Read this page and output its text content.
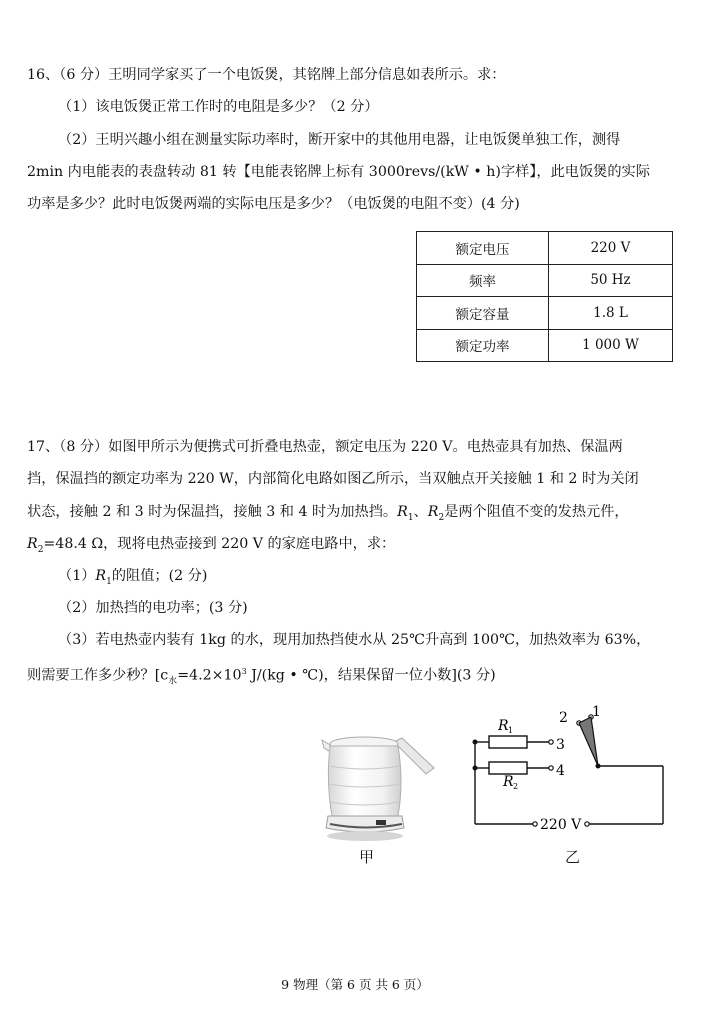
16、（6 分）王明同学家买了一个电饭煲，其铭牌上部分信息如表所示。求：
（1）该电饭煲正常工作时的电阻是多少？（2 分）
（2）王明兴趣小组在测量实际功率时，断开家中的其他用电器，让电饭煲单独工作，测得
2min 内电能表的表盘转动 81 转【电能表铭牌上标有 3000revs/(kW • h)字样】，此电饭煲的实际
功率是多少？此时电饭煲两端的实际电压是多少？（电饭煲的电阻不变）(4 分)
额定电压	220 V
频率	50 Hz
额定容量	1.8 L
额定功率	1 000 W
17、（8 分）如图甲所示为便携式可折叠电热壶，额定电压为 220 V。电热壶具有加热、保温两
挡，保温挡的额定功率为 220 W，内部简化电路如图乙所示，当双触点开关接触 1 和 2 时为关闭
状态，接触 2 和 3 时为保温挡，接触 3 和 4 时为加热挡。$R_1$、$R_2$是两个阻值不变的发热元件，
$R_2=48.4$ Ω，现将电热壶接到 220 V 的家庭电路中，求：
$(1)R_1$的阻值；(2 分)
（2）加热挡的电功率；(3 分)
（3）若电热壶内装有 1kg 的水，现用加热挡使水从 25℃升高到 100℃，加热效率为 63%，
则需要工作多少秒？[$c_水=4.2\times 10^3$ J/(kg • ℃)，结果保留一位小数](3 分)
甲
R 1
R 2
1
2
3
4
220 V
乙
9 物理（第 6 页 共 6 页）
